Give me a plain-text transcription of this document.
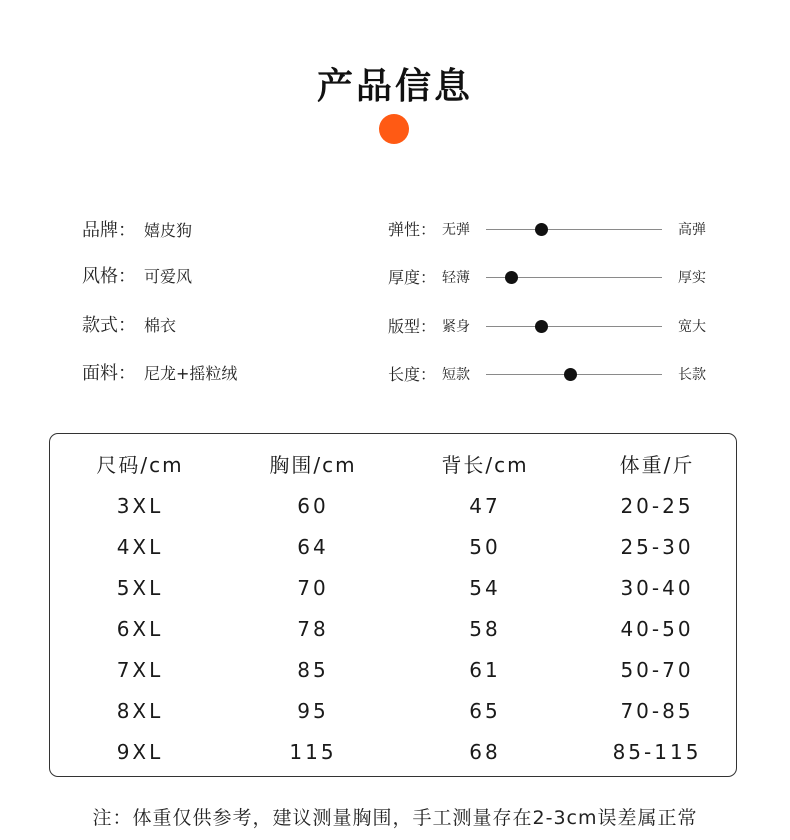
产品信息
品牌： 嬉皮狗
风格： 可爱风
款式： 棉衣
面料： 尼龙+摇粒绒
弹性： 无弹	高弹
厚度： 轻薄	厚实
版型： 紧身	宽大
长度： 短款	长款
尺码/cm	胸围/cm	背长/cm	体重/斤
3XL	60	47	20-25
4XL	64	50	25-30
5XL	70	54	30-40
6XL	78	58	40-50
7XL	85	61	50-70
8XL	95	65	70-85
9XL	115	68	85-115
注：体重仅供参考，建议测量胸围，手工测量存在2-3cm误差属正常
